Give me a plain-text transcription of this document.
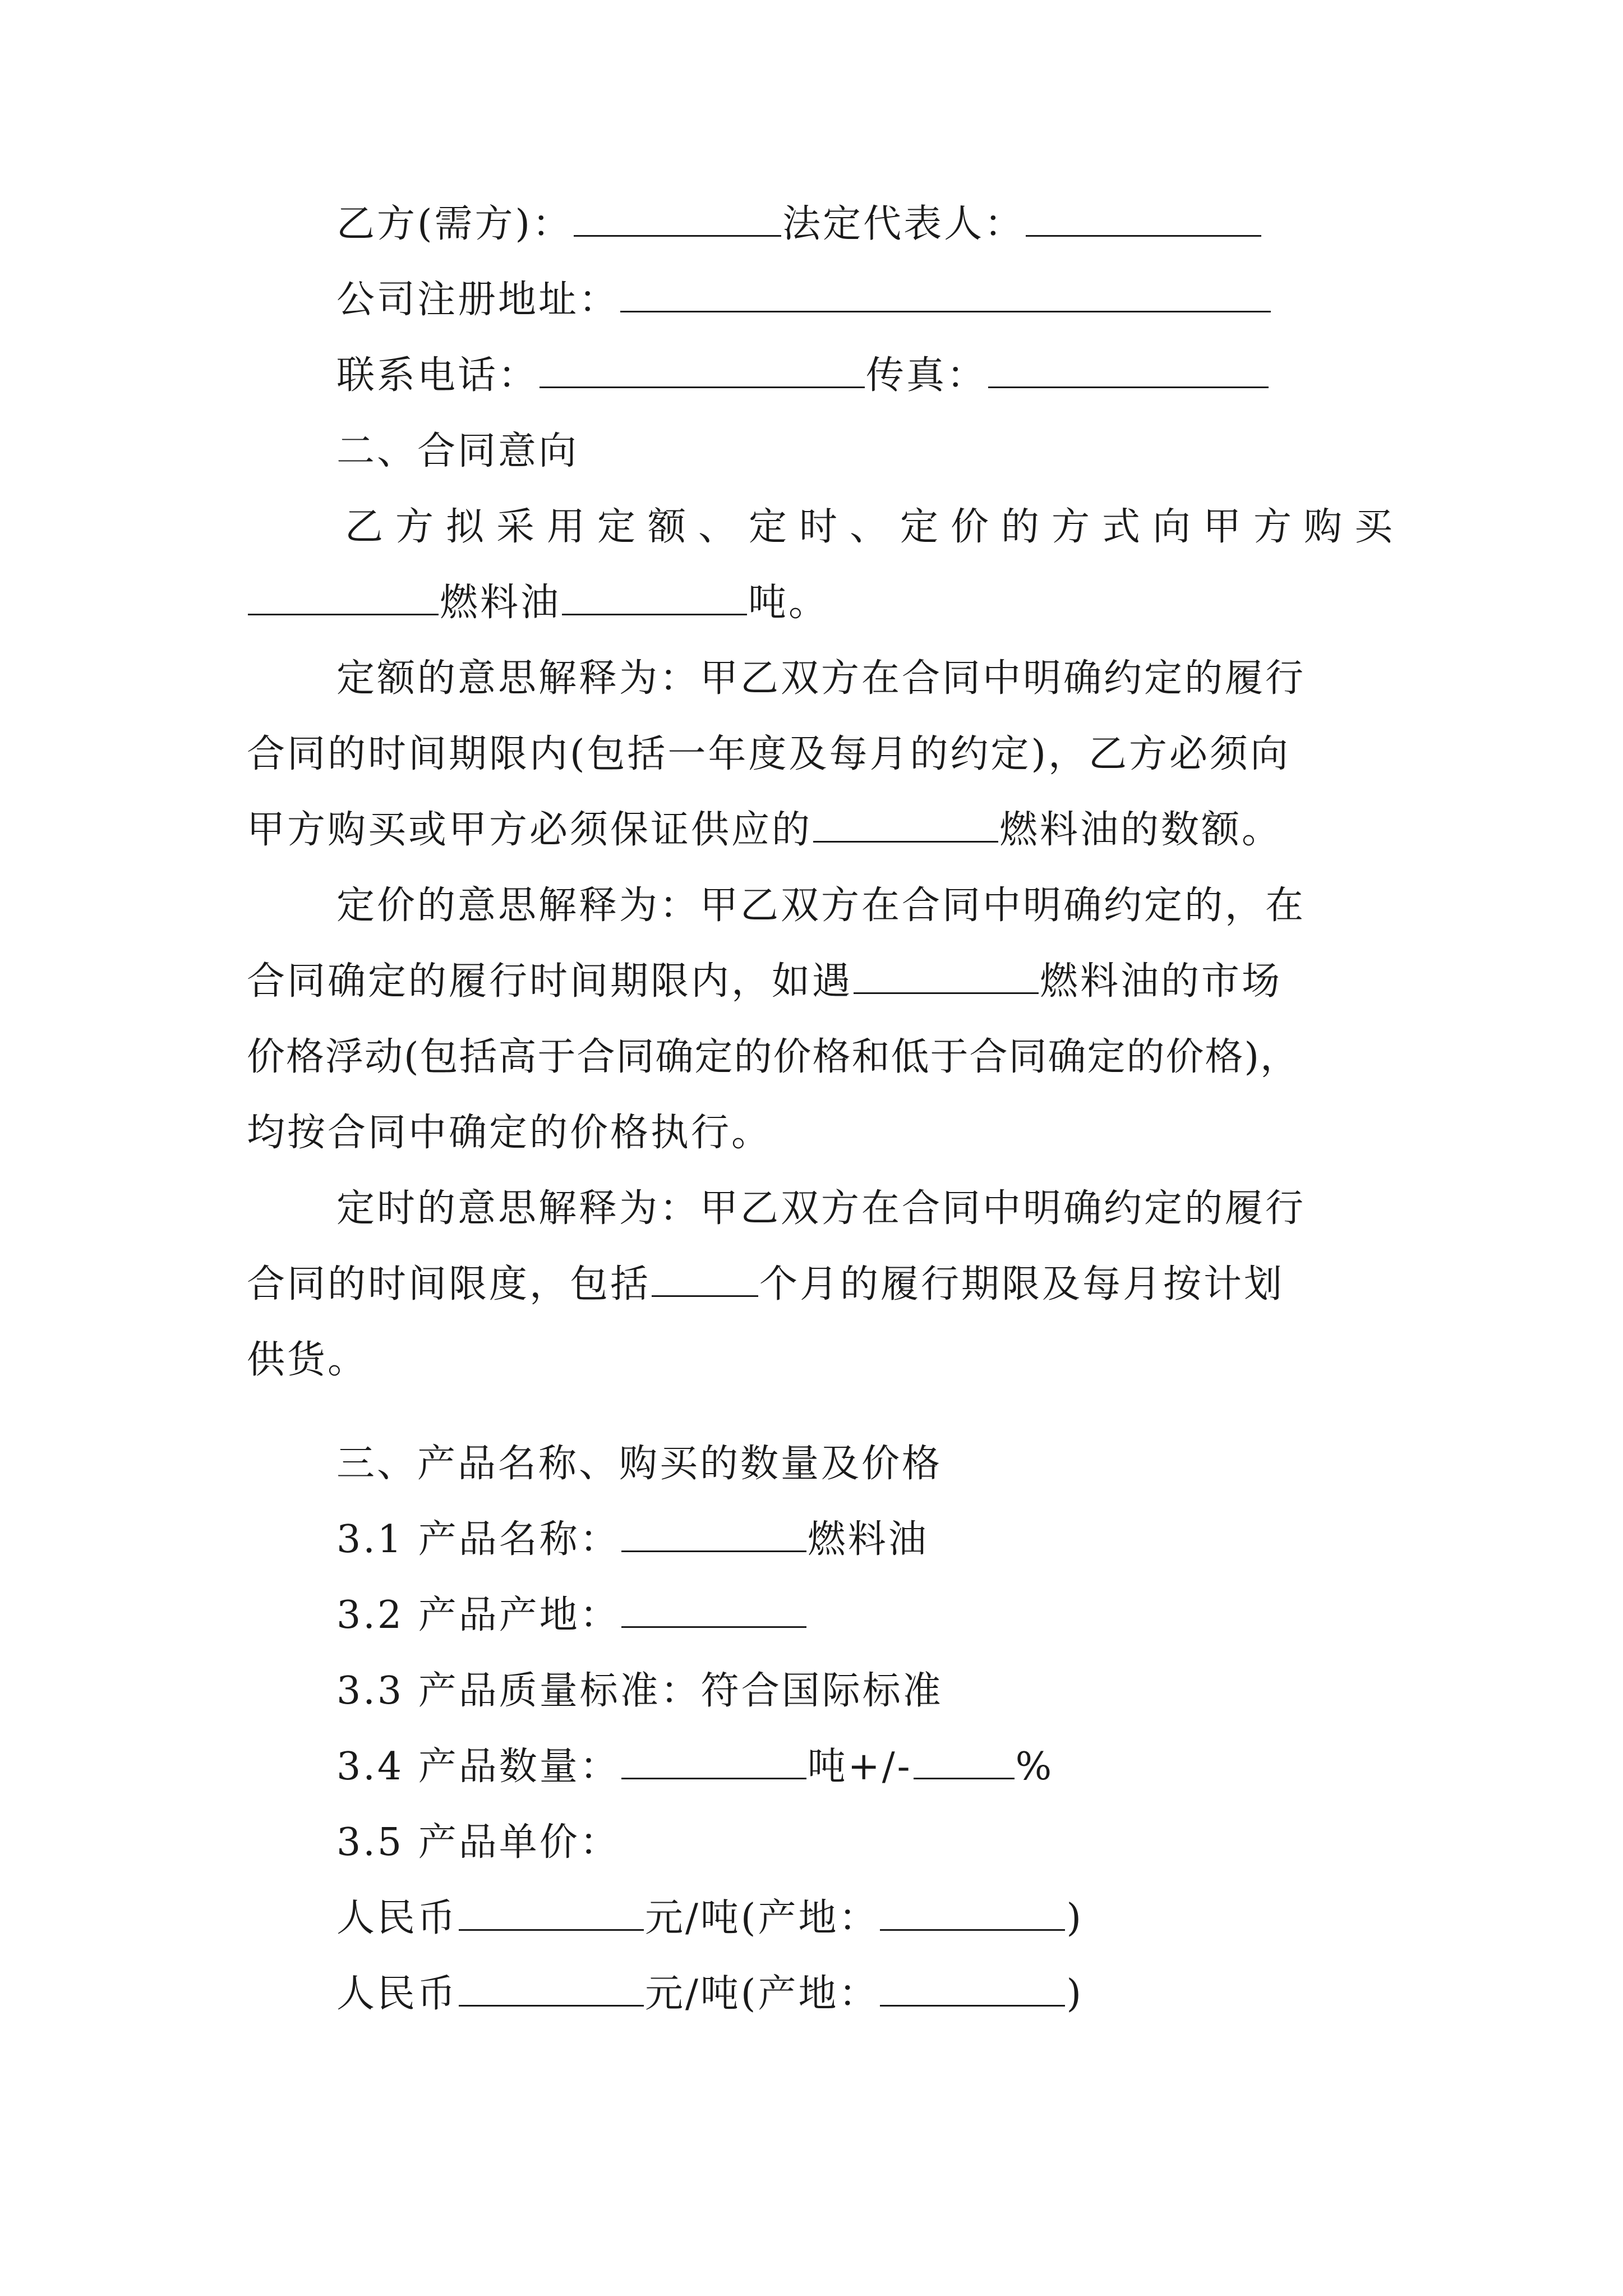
乙方(需方)：	法定代表人：
公司注册地址：
联系电话：	传真：
二、合同意向
乙方拟采用定额、定时、定价的方式向甲方购买
燃料油	吨。
定额的意思解释为：甲乙双方在合同中明确约定的履行
合同的时间期限内(包括一年度及每月的约定)，乙方必须向
甲方购买或甲方必须保证供应的	燃料油的数额。
定价的意思解释为：甲乙双方在合同中明确约定的，在
合同确定的履行时间期限内，如遇	燃料油的市场
价格浮动(包括高于合同确定的价格和低于合同确定的价格)，
均按合同中确定的价格执行。
定时的意思解释为：甲乙双方在合同中明确约定的履行
合同的时间限度，包括	个月的履行期限及每月按计划
供货。
三、产品名称、购买的数量及价格
3.1 产品名称：	燃料油
3.2 产品产地：
3.3 产品质量标准：符合国际标准
3.4 产品数量：	吨+/-	%
3.5 产品单价：
人民币	元/吨(产地：	)
人民币	元/吨(产地：	)
